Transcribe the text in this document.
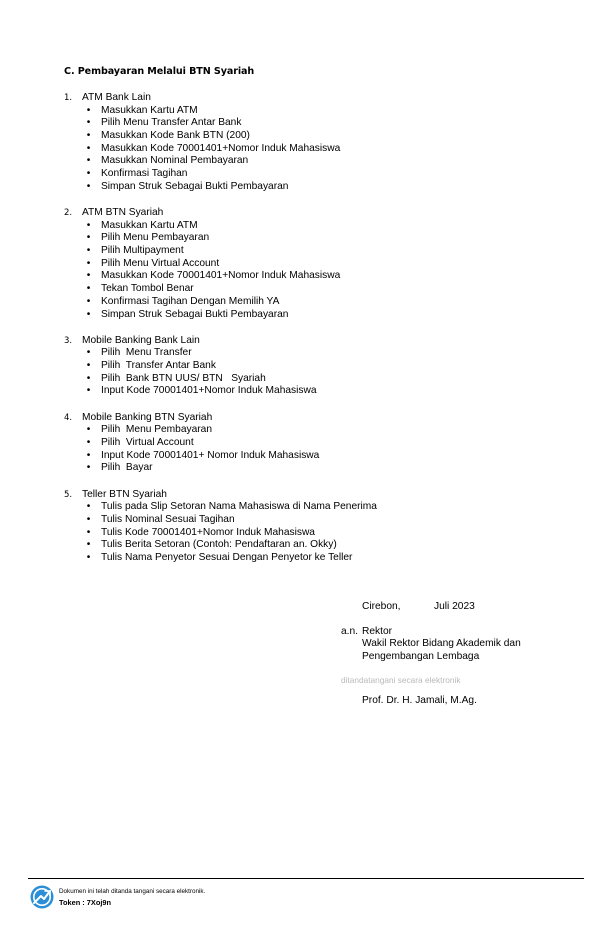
C. Pembayaran Melalui BTN Syariah
1. ATM Bank Lain
•	Masukkan Kartu ATM
•	Pilih Menu Transfer Antar Bank
•	Masukkan Kode Bank BTN (200)
•	Masukkan Kode 70001401+Nomor Induk Mahasiswa
•	Masukkan Nominal Pembayaran
•	Konfirmasi Tagihan
•	Simpan Struk Sebagai Bukti Pembayaran
2. ATM BTN Syariah
•	Masukkan Kartu ATM
•	Pilih Menu Pembayaran
•	Pilih Multipayment
•	Pilih Menu Virtual Account
•	Masukkan Kode 70001401+Nomor Induk Mahasiswa
•	Tekan Tombol Benar
•	Konfirmasi Tagihan Dengan Memilih YA
•	Simpan Struk Sebagai Bukti Pembayaran
3. Mobile Banking Bank Lain
•	Pilih  Menu Transfer
•	Pilih  Transfer Antar Bank
•	Pilih  Bank BTN UUS/ BTN   Syariah
•	Input Kode 70001401+Nomor Induk Mahasiswa
4. Mobile Banking BTN Syariah
•	Pilih  Menu Pembayaran
•	Pilih  Virtual Account
•	Input Kode 70001401+ Nomor Induk Mahasiswa
•	Pilih  Bayar
5. Teller BTN Syariah
•	Tulis pada Slip Setoran Nama Mahasiswa di Nama Penerima
•	Tulis Nominal Sesuai Tagihan
•	Tulis Kode 70001401+Nomor Induk Mahasiswa
•	Tulis Berita Setoran (Contoh: Pendaftaran an. Okky)
•	Tulis Nama Penyetor Sesuai Dengan Penyetor ke Teller
Cirebon,	Juli 2023
a.n. Rektor
Wakil Rektor Bidang Akademik dan
Pengembangan Lembaga
ditandatangani secara elektronik
Prof. Dr. H. Jamali, M.Ag.
Dokumen ini telah ditanda tangani secara elektronik.
Token : 7Xoj9n
